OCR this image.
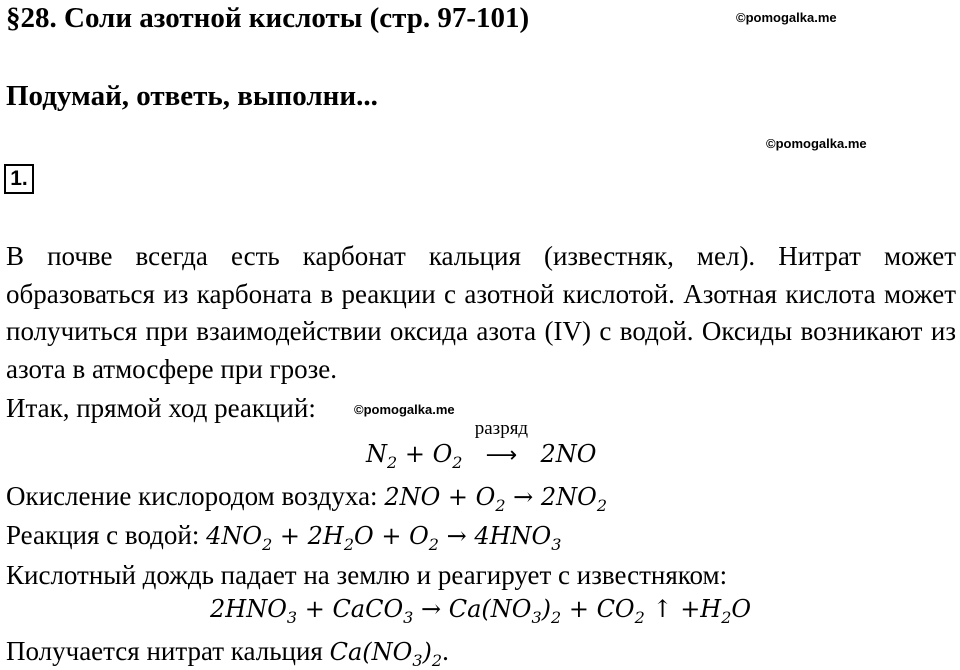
§28. Соли азотной кислоты (стр. 97-101)	©pomogalka.me
Подумай, ответь, выполни...
©pomogalka.me
1.
В почве всегда есть карбонат кальция (известняк, мел). Нитрат может образоваться из карбоната в реакции с азотной кислотой. Азотная кислота может получиться при взаимодействии оксида азота (IV) с водой. Оксиды возникают из азота в атмосфере при грозе.
Итак, прямой ход реакций:	©pomogalka.me
$N_2 + O_2$
разряд
⟶ 2NO
Окисление кислородом воздуха: $2NO + O_2 \to 2NO_2$
Реакция с водой: $4NO_2 + 2H_2O + O_2 \to 4HNO_3$
Кислотный дождь падает на землю и реагирует с известняком:
$2HNO_3$ + CaCO$_3$ → $Ca(NO_3)_2 + CO_2$ ↑ $+H_2O$
Получается нитрат кальция $Ca(NO_3)_2$.
